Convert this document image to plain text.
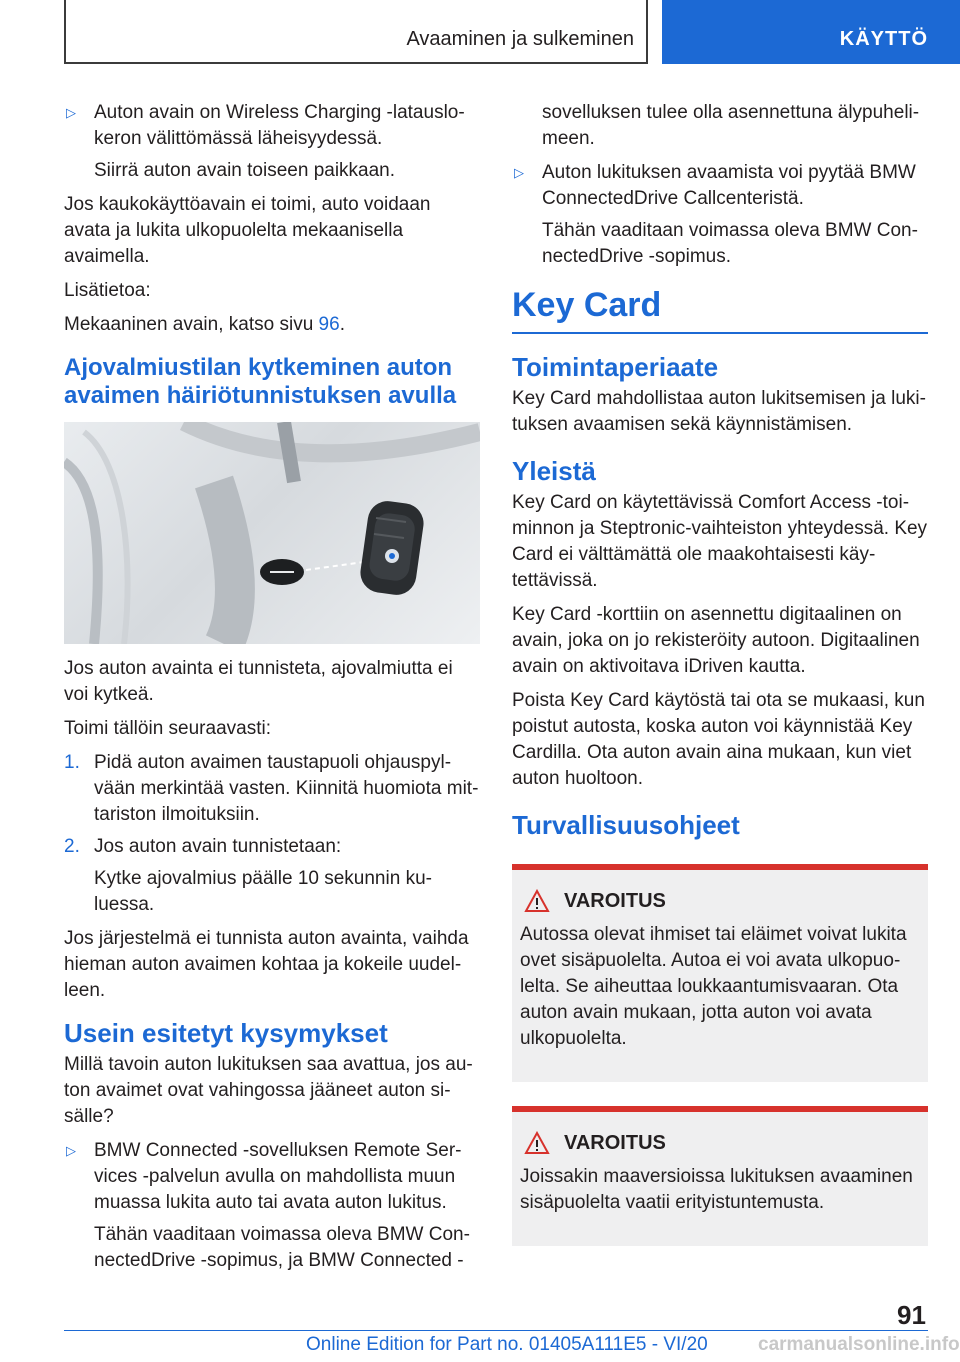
Avaaminen ja sulkeminen	KÄYTTÖ
▷ Auton avain on Wireless Charging -latauslokeron välittömässä läheisyydessä.

Siirrä auton avain toiseen paikkaan.

Jos kaukokäyttöavain ei toimi, auto voidaan avata ja lukita ulkopuolelta mekaanisella avaimella.

Lisätietoa:

Mekaaninen avain, katso sivu 96.

Ajovalmiustilan kytkeminen auton avaimen häiriötunnistuksen avulla

Jos auton avainta ei tunnisteta, ajovalmiutta ei voi kytkeä.

Toimi tällöin seuraavasti:

1. Pidä auton avaimen taustapuoli ohjauspylvään merkintää vasten. Kiinnitä huomiota mittariston ilmoituksiin.
2. Jos auton avain tunnistetaan:

Kytke ajovalmius päälle 10 sekunnin kuluessa.

Jos järjestelmä ei tunnista auton avainta, vaihda hieman auton avaimen kohtaa ja kokeile uudelleen.

Usein esitetyt kysymykset

Millä tavoin auton lukituksen saa avattua, jos auton avaimet ovat vahingossa jääneet auton sisälle?

▷ BMW Connected -sovelluksen Remote Services -palvelun avulla on mahdollista muun muassa lukita auto tai avata auton lukitus.

Tähän vaaditaan voimassa oleva BMW ConnectedDrive -sopimus, ja BMW Connected -

sovelluksen tulee olla asennettuna älypuhelimeen.

▷ Auton lukituksen avaamista voi pyytää BMW ConnectedDrive Callcenteristä.

Tähän vaaditaan voimassa oleva BMW ConnectedDrive -sopimus.

Key Card
Toimintaperiaate

Key Card mahdollistaa auton lukitsemisen ja lukituksen avaamisen sekä käynnistämisen.

Yleistä

Key Card on käytettävissä Comfort Access -toiminnon ja Steptronic-vaihteiston yhteydessä. Key Card ei välttämättä ole maakohtaisesti käytettävissä.

Key Card -korttiin on asennettu digitaalinen on avain, joka on jo rekisteröity autoon. Digitaalinen avain on aktivoitava iDriven kautta.

Poista Key Card käytöstä tai ota se mukaasi, kun poistut autosta, koska auton voi käynnistää Key Cardilla. Ota auton avain aina mukaan, kun viet auton huoltoon.

Turvallisuusohjeet
VAROITUS

Autossa olevat ihmiset tai eläimet voivat lukita ovet sisäpuolelta. Autoa ei voi avata ulkopuolelta. Se aiheuttaa loukkaantumisvaaran. Ota auton avain mukaan, jotta auton voi avata ulkopuolelta.

VAROITUS

Joissakin maaversioissa lukituksen avaaminen sisäpuolelta vaatii erityistuntemusta.

91
Online Edition for Part no. 01405A111E5 - VI/20	carmanualsonline.info
